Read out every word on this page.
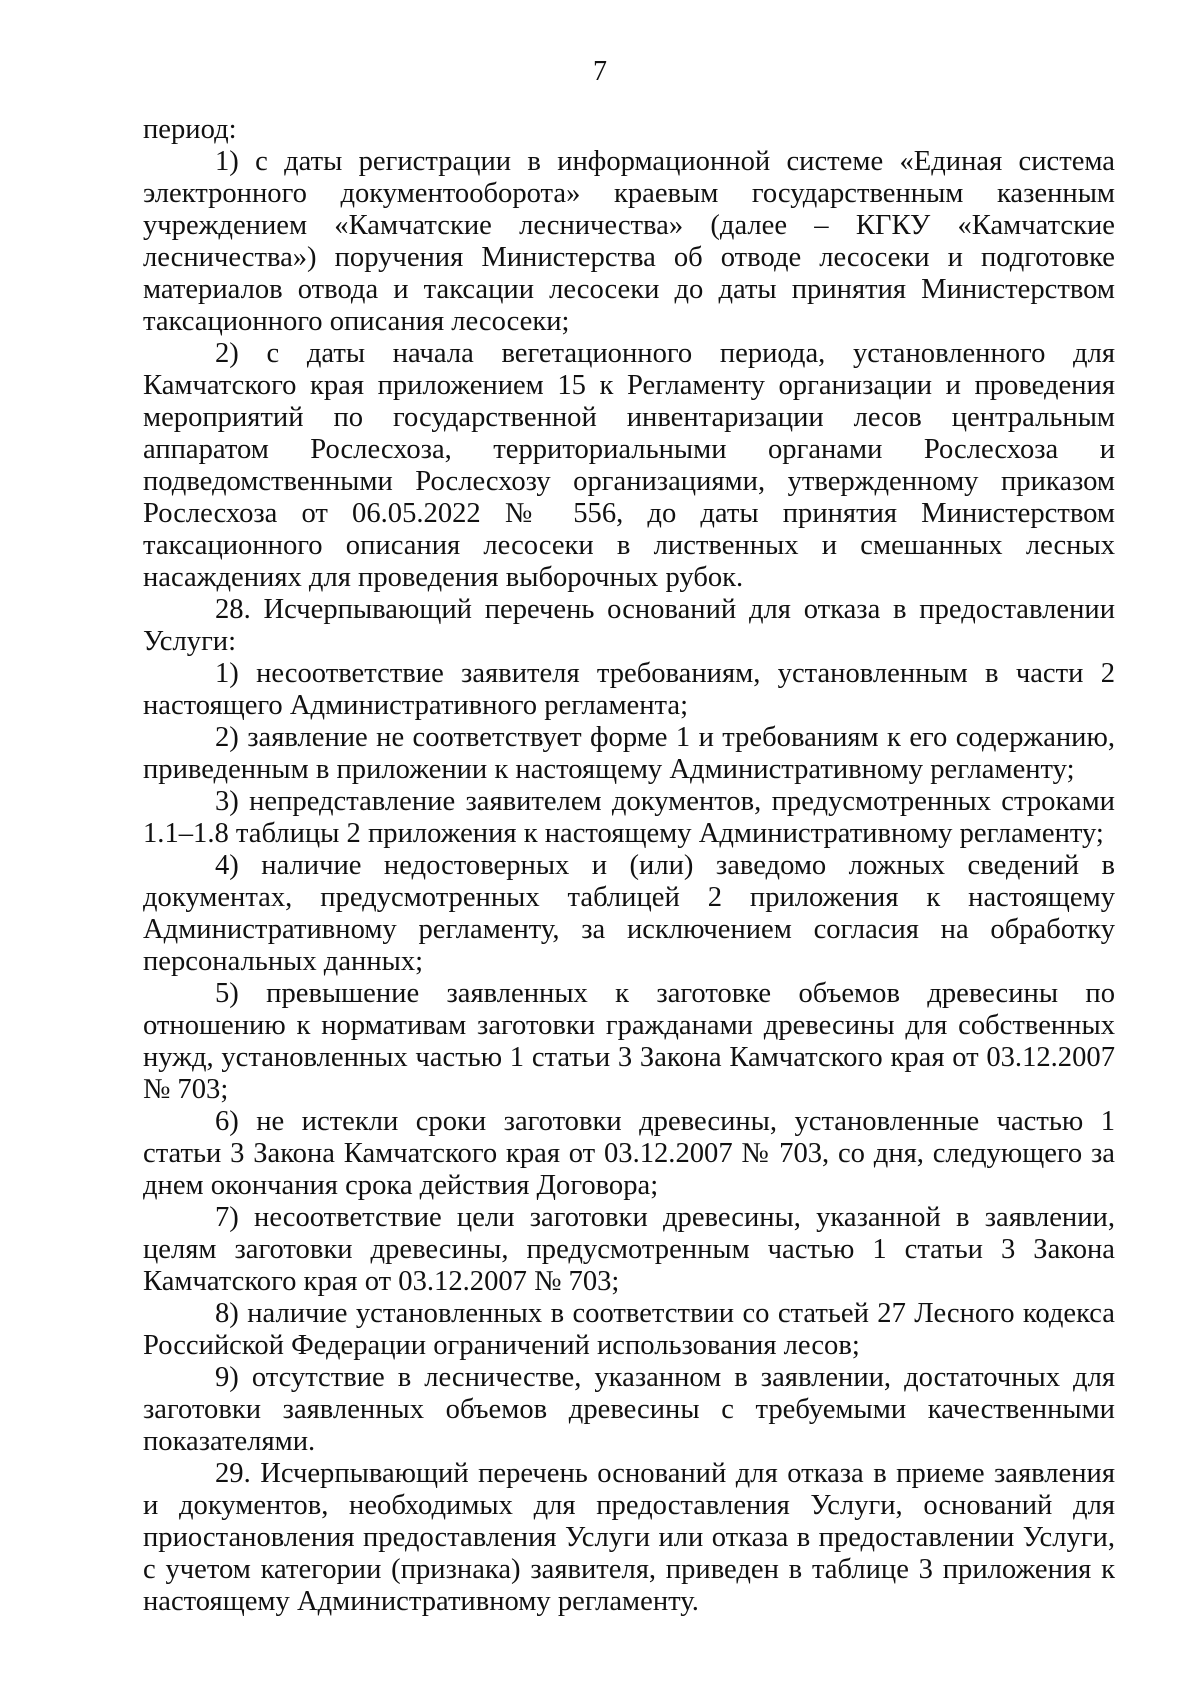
7

период:

1) с даты регистрации в информационной системе «Единая система электронного документооборота» краевым государственным казенным учреждением «Камчатские лесничества» (далее – КГКУ «Камчатские лесничества») поручения Министерства об отводе лесосеки и подготовке материалов отвода и таксации лесосеки до даты принятия Министерством таксационного описания лесосеки;

2) с даты начала вегетационного периода, установленного для Камчатского края приложением 15 к Регламенту организации и проведения мероприятий по государственной инвентаризации лесов центральным аппаратом Рослесхоза, территориальными органами Рослесхоза и подведомственными Рослесхозу организациями, утвержденному приказом Рослесхоза от 06.05.2022 № 556, до даты принятия Министерством таксационного описания лесосеки в лиственных и смешанных лесных насаждениях для проведения выборочных рубок.

28. Исчерпывающий перечень оснований для отказа в предоставлении Услуги:

1) несоответствие заявителя требованиям, установленным в части 2 настоящего Административного регламента;

2) заявление не соответствует форме 1 и требованиям к его содержанию, приведенным в приложении к настоящему Административному регламенту;

3) непредставление заявителем документов, предусмотренных строками 1.1–1.8 таблицы 2 приложения к настоящему Административному регламенту;

4) наличие недостоверных и (или) заведомо ложных сведений в документах, предусмотренных таблицей 2 приложения к настоящему Административному регламенту, за исключением согласия на обработку персональных данных;

5) превышение заявленных к заготовке объемов древесины по отношению к нормативам заготовки гражданами древесины для собственных нужд, установленных частью 1 статьи 3 Закона Камчатского края от 03.12.2007 № 703;

6) не истекли сроки заготовки древесины, установленные частью 1 статьи 3 Закона Камчатского края от 03.12.2007 № 703, со дня, следующего за днем окончания срока действия Договора;

7) несоответствие цели заготовки древесины, указанной в заявлении, целям заготовки древесины, предусмотренным частью 1 статьи 3 Закона Камчатского края от 03.12.2007 № 703;

8) наличие установленных в соответствии со статьей 27 Лесного кодекса Российской Федерации ограничений использования лесов;

9) отсутствие в лесничестве, указанном в заявлении, достаточных для заготовки заявленных объемов древесины с требуемыми качественными показателями.

29. Исчерпывающий перечень оснований для отказа в приеме заявления и документов, необходимых для предоставления Услуги, оснований для приостановления предоставления Услуги или отказа в предоставлении Услуги, с учетом категории (признака) заявителя, приведен в таблице 3 приложения к настоящему Административному регламенту.
